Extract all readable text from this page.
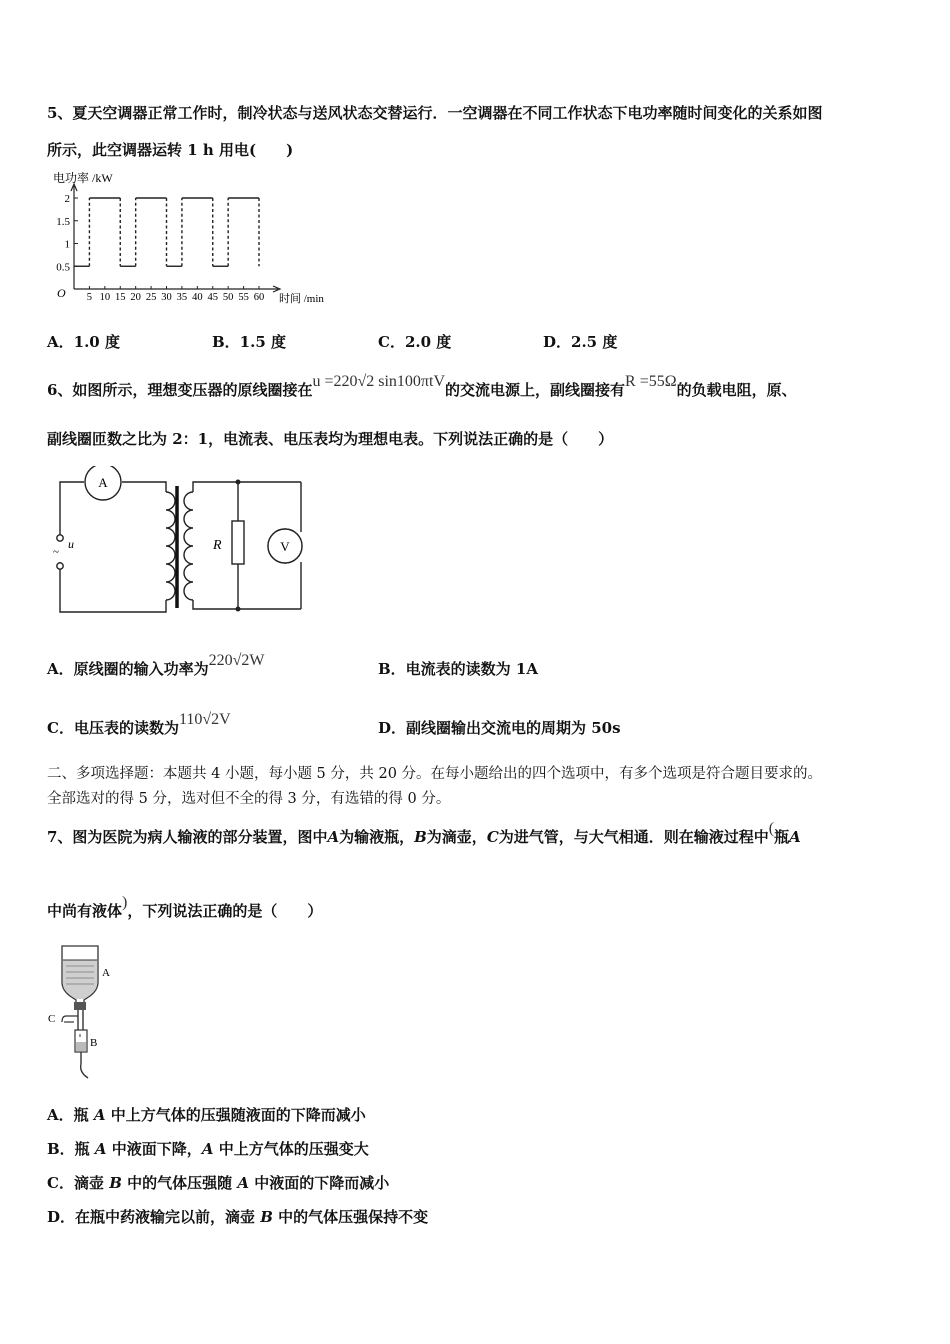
5、夏天空调器正常工作时，制冷状态与送风状态交替运行．一空调器在不同工作状态下电功率随时间变化的关系如图
所示，此空调器运转 1 h 用电(　　)
电功率 /kW
时间 /min
O
0.5
1
1.5
2
5 10 15 20 25 30 35 40 45 50 55 60
A．1.0 度	B．1.5 度	C．2.0 度	D．2.5 度
6、如图所示，理想变压器的原线圈接在u =220√2 sin100πtV的交流电源上，副线圈接有R =55Ω的负载电阻，原、
副线圈匝数之比为 2：1，电流表、电压表均为理想电表。下列说法正确的是（　　）
A
V
R
u
~
A．原线圈的输入功率为220√2W	B．电流表的读数为 1A
C．电压表的读数为110√2V	D．副线圈输出交流电的周期为 50s
二、多项选择题：本题共 4 小题，每小题 5 分，共 20 分。在每小题给出的四个选项中，有多个选项是符合题目要求的。
全部选对的得 5 分，选对但不全的得 3 分，有选错的得 0 分。
7、图为医院为病人输液的部分装置，图中A为输液瓶，B为滴壶，C为进气管，与大气相通．则在输液过程中(瓶A
中尚有液体)，下列说法正确的是（　　）
A
C
B
A．瓶 A 中上方气体的压强随液面的下降而减小
B．瓶 A 中液面下降，A 中上方气体的压强变大
C．滴壶 B 中的气体压强随 A 中液面的下降而减小
D．在瓶中药液输完以前，滴壶 B 中的气体压强保持不变
